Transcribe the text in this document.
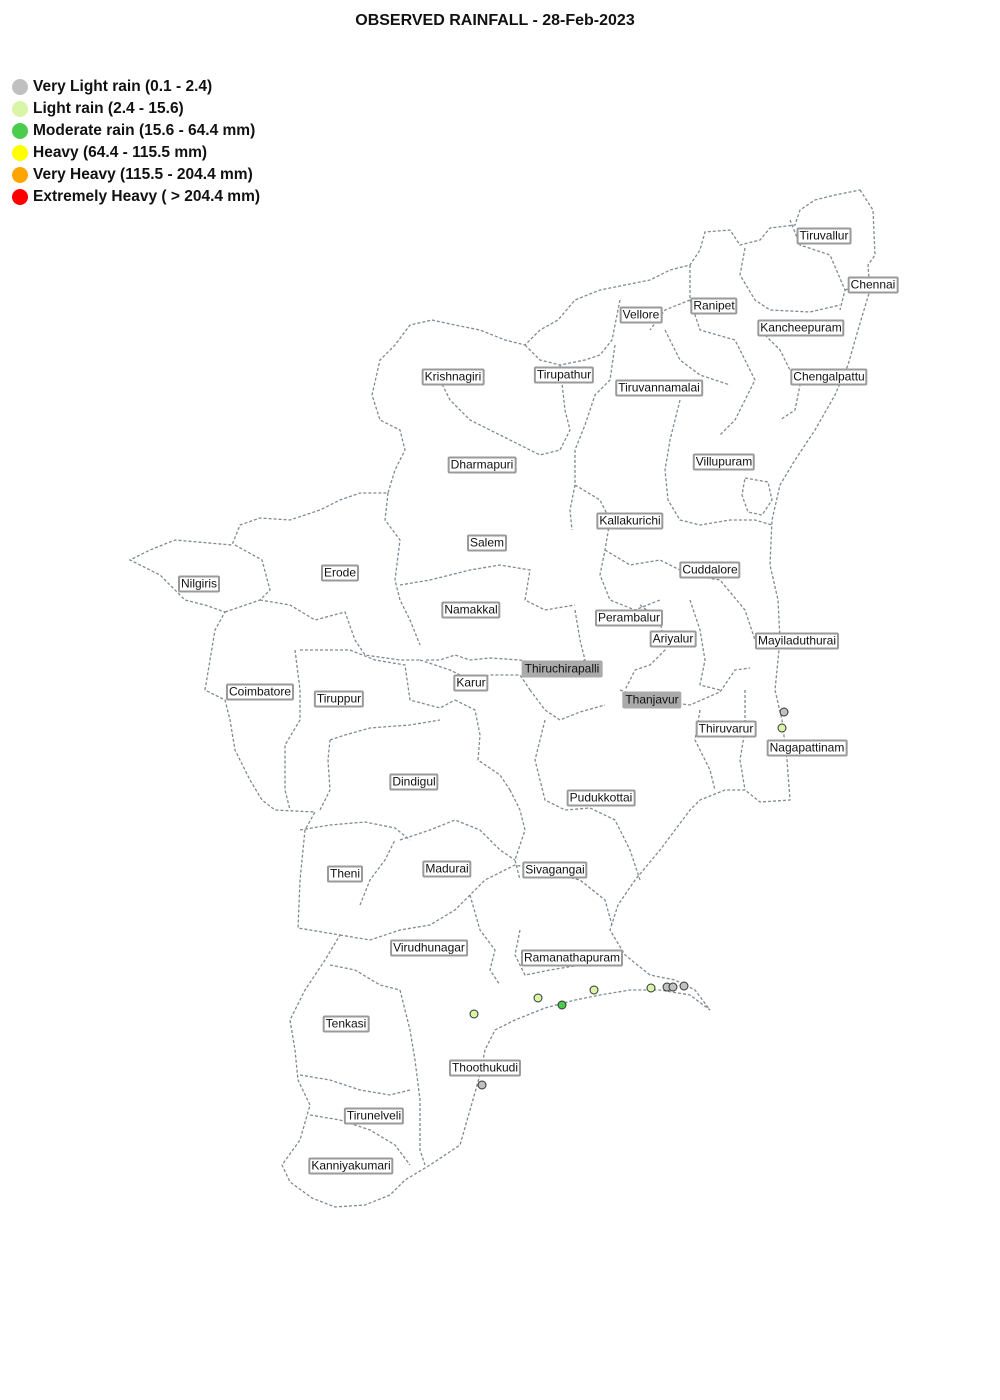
OBSERVED RAINFALL - 28-Feb-2023
Very Light rain (0.1 - 2.4)
Light rain (2.4 - 15.6)
Moderate rain (15.6 - 64.4 mm)
Heavy (64.4 - 115.5 mm)
Very Heavy (115.5 - 204.4 mm)
Extremely Heavy ( > 204.4 mm)
Tiruvallur
Chennai
Vellore
Ranipet
Kancheepuram
Chengalpattu
Krishnagiri	Tirupathur
Tiruvannamalai
Dharmapuri	Villupuram
Kallakurichi
Salem
Erode
Nilgiris
Cuddalore
Namakkal
Perambalur
Ariyalur	Mayiladuthurai
Thiruchirapalli
Coimbatore Tiruppur
Karur
Thanjavur
Thiruvarur
Nagapattinam
Dindigul
Pudukkottai
Theni	Madurai	Sivagangai
Virudhunagar
Ramanathapuram
Tenkasi
Thoothukudi
Tirunelveli
Kanniyakumari
